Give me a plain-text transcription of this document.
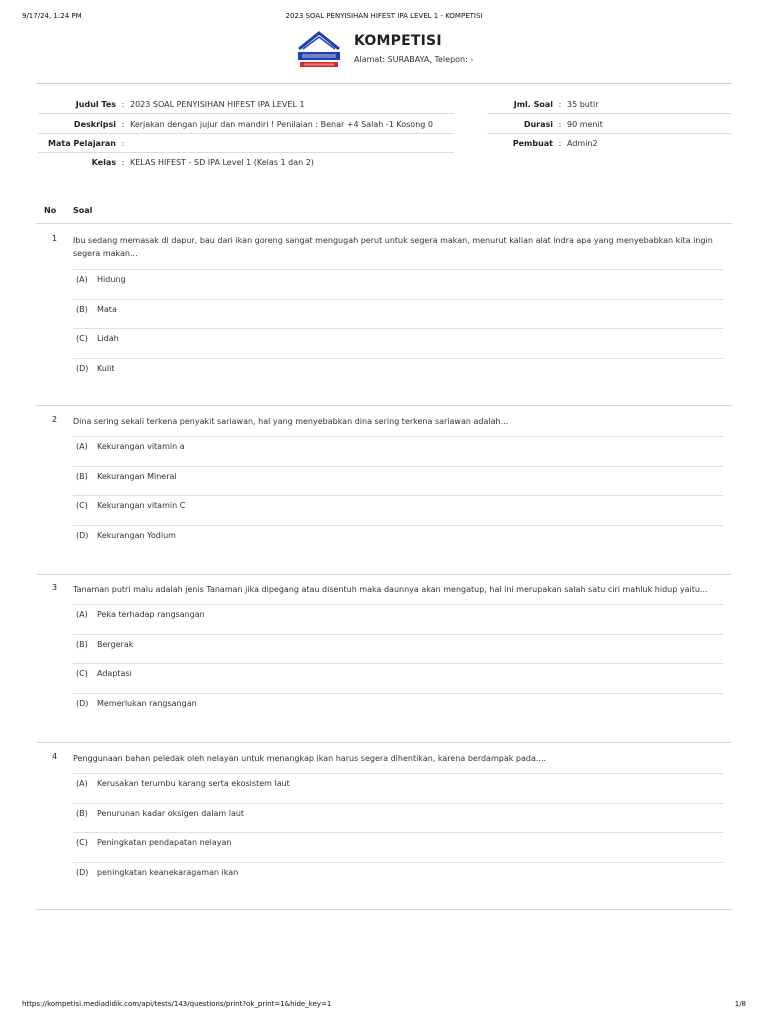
9/17/24, 1:24 PM	2023 SOAL PENYISIHAN HIFEST IPA LEVEL 1 - KOMPETISI
KOMPETISI
Alamat: SURABAYA, Telepon: -
Judul Tes : 2023 SOAL PENYISIHAN HIFEST IPA LEVEL 1
Deskripsi : Kerjakan dengan jujur dan mandiri ! Penilaian : Benar +4 Salah -1 Kosong 0
Mata Pelajaran :
Kelas : KELAS HIFEST - SD IPA Level 1 (Kelas 1 dan 2)
Jml. Soal : 35 butir
Durasi : 90 menit
Pembuat : Admin2
No Soal
1 Ibu sedang memasak di dapur, bau dari ikan goreng sangat mengugah perut untuk segera makan, menurut kalian alat indra apa yang menyebabkan kita ingin segera makan...
(A) Hidung
(B) Mata
(C) Lidah
(D) Kulit
2 Dina sering sekali terkena penyakit sariawan, hal yang menyebabkan dina sering terkena sariawan adalah...
(A) Kekurangan vitamin a
(B) Kekurangan Mineral
(C) Kekurangan vitamin C
(D) Kekurangan Yodium
3 Tanaman putri malu adalah jenis Tanaman jika dipegang atau disentuh maka daunnya akan mengatup, hal ini merupakan salah satu ciri mahluk hidup yaitu...
(A) Peka terhadap rangsangan
(B) Bergerak
(C) Adaptasi
(D) Memerlukan rangsangan
4 Penggunaan bahan peledak oleh nelayan untuk menangkap ikan harus segera dihentikan, karena berdampak pada....
(A) Kerusakan terumbu karang serta ekosistem laut
(B) Penurunan kadar oksigen dalam laut
(C) Peningkatan pendapatan nelayan
(D) peningkatan keanekaragaman ikan
https://kompetisi.mediadidik.com/api/tests/143/questions/print?ok_print=1&hide_key=1	1/8
